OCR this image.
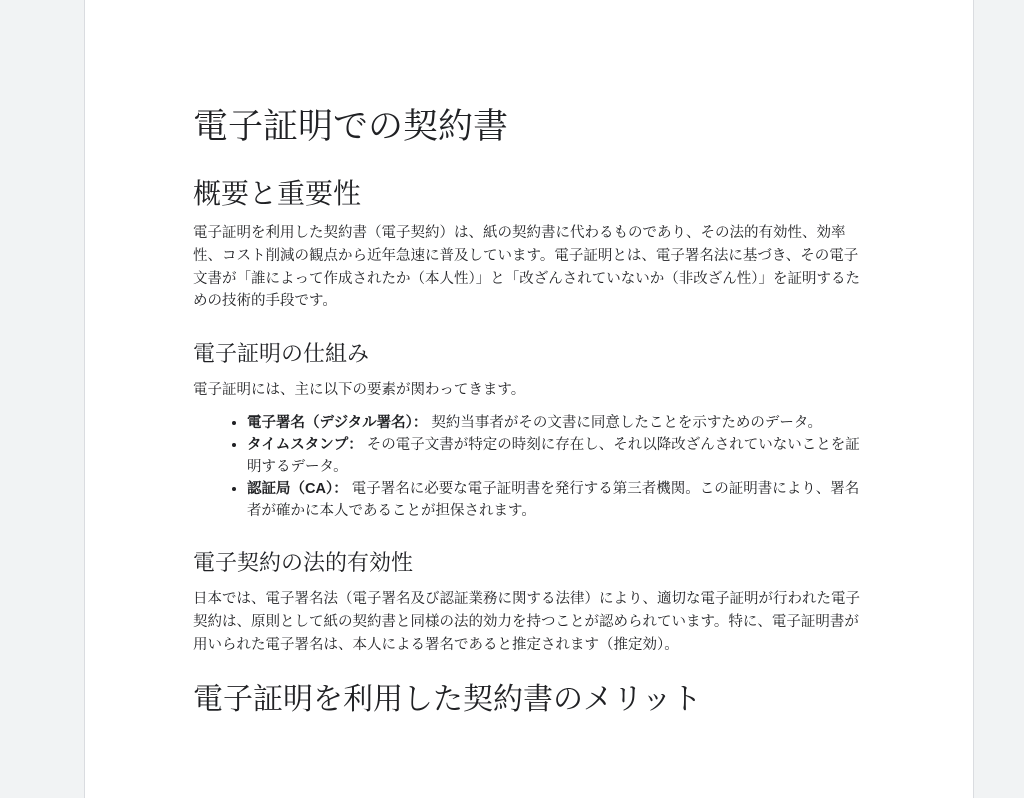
電子証明での契約書
概要と重要性

電子証明を利用した契約書（電子契約）は、紙の契約書に代わるものであり、その法的有効性、効率性、コスト削減の観点から近年急速に普及しています。電子証明とは、電子署名法に基づき、その電子文書が「誰によって作成されたか（本人性）」と「改ざんされていないか（非改ざん性）」を証明するための技術的手段です。

電子証明の仕組み

電子証明には、主に以下の要素が関わってきます。

• 電子署名（デジタル署名）： 契約当事者がその文書に同意したことを示すためのデータ。
• タイムスタンプ： その電子文書が特定の時刻に存在し、それ以降改ざんされていないことを証明するデータ。
• 認証局（CA）： 電子署名に必要な電子証明書を発行する第三者機関。この証明書により、署名者が確かに本人であることが担保されます。
電子契約の法的有効性

日本では、電子署名法（電子署名及び認証業務に関する法律）により、適切な電子証明が行われた電子契約は、原則として紙の契約書と同様の法的効力を持つことが認められています。特に、電子証明書が用いられた電子署名は、本人による署名であると推定されます（推定効）。

電子証明を利用した契約書のメリット
